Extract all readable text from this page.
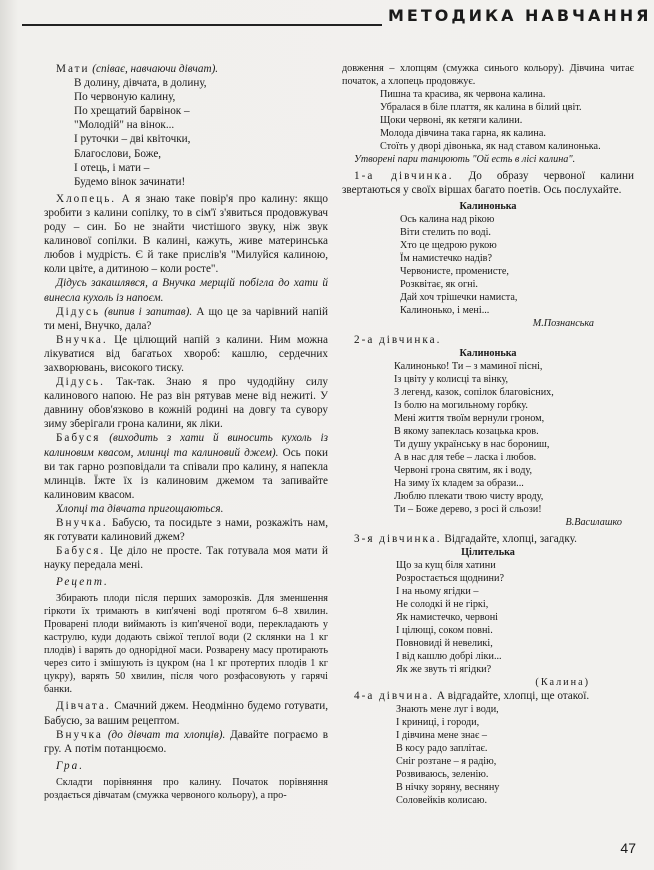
МЕТОДИКА НАВЧАННЯ

Мати (співає, навчаючи дівчат).

В долину, дівчата, в долину,
По червоную калину,
По хрещатий барвінок –
"Молодій" на вінок...
І руточки – дві квіточки,
Благослови, Боже,
І отець, і мати –
Будемо вінок зачинати!

Хлопець. А я знаю таке повір'я про калину: якщо зробити з калини сопілку, то в сім'ї з'явиться продовжувач роду – син. Бо не знайти чистішого звуку, ніж звук калинової сопілки. В калині, кажуть, живе материнська любов і мудрість. Є й таке прислів'я "Милуйся калиною, коли цвіте, а дитиною – коли росте".

Дідусь закашлявся, а Внучка мерщій побігла до хати й винесла кухоль із напоєм.

Дідусь (випив і запитав). А що це за чарівний напій ти мені, Внучко, дала?

Внучка. Це цілющий напій з калини. Ним можна лікуватися від багатьох хвороб: кашлю, сердечних захворювань, високого тиску.

Дідусь. Так-так. Знаю я про чудодійну силу калинового напою. Не раз він рятував мене від нежиті. У давнину обов'язково в кожній родині на довгу та сувору зиму зберігали грона калини, як ліки.

Бабуся (виходить з хати й виносить кухоль із калиновим квасом, млинці та калиновий джем). Ось поки ви так гарно розповідали та співали про калину, я напекла млинців. Їжте їх із калиновим джемом та запивайте калиновим квасом.

Хлопці та дівчата пригощаються.

Внучка. Бабусю, та посидьте з нами, розкажіть нам, як готувати калиновий джем?

Бабуся. Це діло не просте. Так готувала моя мати й науку передала мені.

Рецепт.

Збирають плоди після перших заморозків. Для зменшення гіркоти їх тримають в кип'ячені воді протягом 6–8 хвилин. Проварені плоди виймають із кип'яченої води, перекладають у каструлю, куди додають свіжої теплої води (2 склянки на 1 кг плодів) і варять до однорідної маси. Розварену масу протирають через сито і змішують із цукром (на 1 кг протертих плодів 1 кг цукру), варять 50 хвилин, після чого розфасовують у гарячі банки.

Дівчата. Смачний джем. Неодмінно будемо готувати, Бабусю, за вашим рецептом.

Внучка (до дівчат та хлопців). Давайте пограємо в гру. А потім потанцюємо.

Гра.

Складти порівняння про калину. Початок порівняння роздається дівчатам (смужка червоного кольору), а про-

довження – хлопцям (смужка синього кольору). Дівчина читає початок, а хлопець продовжує.

Пишна та красива, як червона калина.
Убралася в біле плаття, як калина в білий цвіт.
Щоки червоні, як кетяги калини.
Молода дівчина така гарна, як калина.
Стоїть у дворі дівонька, як над ставом калинонька.

Утворені пари танцюють "Ой есть в лісі калина".

1-а дівчинка. До образу червоної калини звертаються у своїх віршах багато поетів. Ось послухайте.

Калинонька
Ось калина над рікою
Віти стелить по воді.
Хто це щедрою рукою
Їм намистечко надів?
Червонисте, променисте,
Розквітає, як огні.
Дай хоч трішечки намиста,
Калинонько, і мені...
М.Познанська

2-а дівчинка.

Калинонька
Калинонько! Ти – з маминої пісні,
Із цвіту у колисці та вінку,
З легенд, казок, сопілок благовісних,
Із болю на могильному горбку.
Мені життя твоїм вернули гроном,
В якому запеклась козацька кров.
Ти душу українську в нас борониш,
А в нас для тебе – ласка і любов.
Червоні грона святим, як і воду,
На зиму їх кладем за образи...
Люблю плекати твою чисту вроду,
Ти – Боже дерево, з росі й сльози!
В.Василашко

3-я дівчинка. Відгадайте, хлопці, загадку.

Цілителька
Що за кущ біля хатини
Розростається щоднини?
І на ньому ягідки –
Не солодкі й не гіркі,
Як намистечко, червоні
І цілющі, соком повні.
Повновиді й невеликі,
І від кашлю добрі ліки...
Як же звуть ті ягідки?
(Калина)

4-а дівчина. А відгадайте, хлопці, ще отакої.

Знають мене луг і води,
І криниці, і городи,
І дівчина мене знає –
В косу радо заплітає.
Сніг розтане – я радію,
Розвиваюсь, зеленію.
В нічку зоряну, весняну
Соловейків колисаю.
47
